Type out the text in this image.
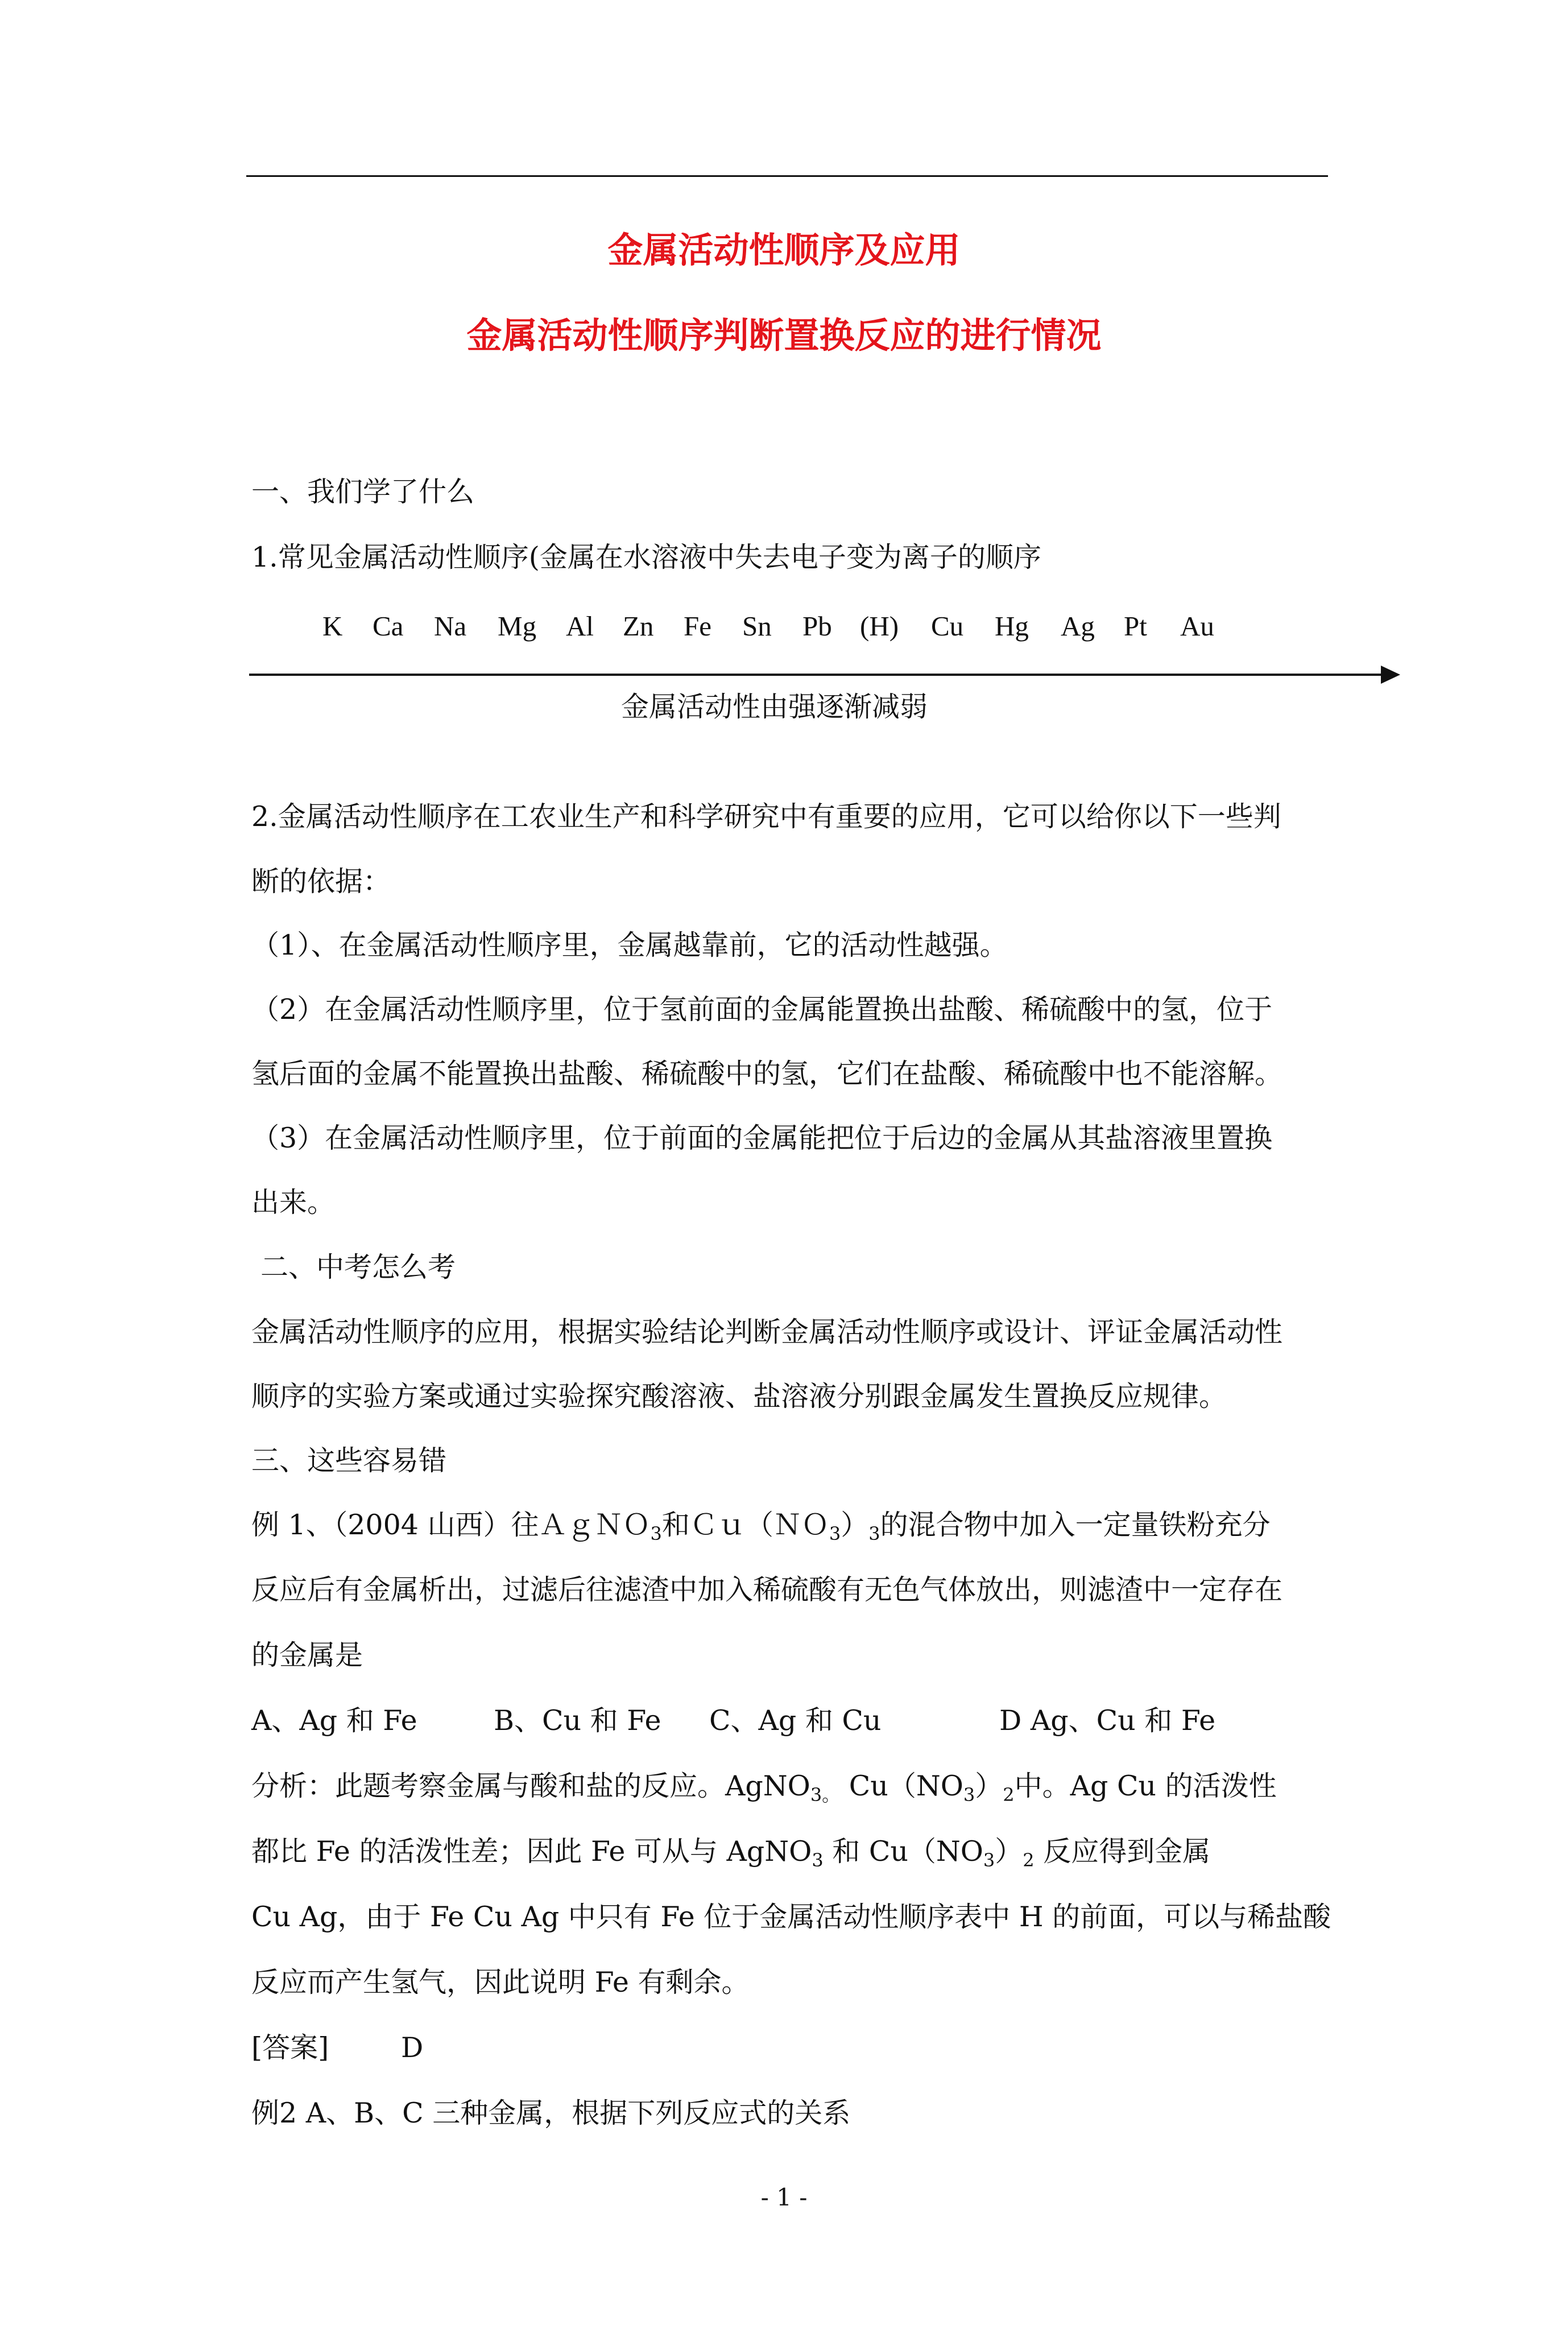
金属活动性顺序及应用
金属活动性顺序判断置换反应的进行情况
一、我们学了什么
1.常见金属活动性顺序(金属在水溶液中失去电子变为离子的顺序
K Ca Na Mg Al Zn Fe Sn Pb (H) Cu Hg Ag Pt Au
金属活动性由强逐渐减弱
2.金属活动性顺序在工农业生产和科学研究中有重要的应用，它可以给你以下一些判
断的依据：
（1）、在金属活动性顺序里，金属越靠前，它的活动性越强。
（2）在金属活动性顺序里，位于氢前面的金属能置换出盐酸、稀硫酸中的氢，位于
氢后面的金属不能置换出盐酸、稀硫酸中的氢，它们在盐酸、稀硫酸中也不能溶解。
（3）在金属活动性顺序里，位于前面的金属能把位于后边的金属从其盐溶液里置换
出来。
二、中考怎么考
金属活动性顺序的应用，根据实验结论判断金属活动性顺序或设计、评证金属活动性
顺序的实验方案或通过实验探究酸溶液、盐溶液分别跟金属发生置换反应规律。
三、这些容易错
例 1、（2004 山西）往ＡｇＮＯ$_3$和$Cu(NO_3)_3$的混合物中加入一定量铁粉充分
反应后有金属析出，过滤后往滤渣中加入稀硫酸有无色气体放出，则滤渣中一定存在
的金属是
A、Ag 和 Fe	B、Cu 和 Fe C、Ag 和 Cu	D Ag、Cu 和 Fe
分析：此题考察金属与酸和盐的反应。AgNO$_{3。}$ $Cu(NO_3)_2$中。Ag Cu 的活泼性
都比 Fe 的活泼性差；因此 Fe 可从与 AgNO$_3$ 和 $Cu(NO_3)_2$ 反应得到金属
Cu Ag，由于 Fe Cu Ag 中只有 Fe 位于金属活动性顺序表中 H 的前面，可以与稀盐酸
反应而产生氢气，因此说明 Fe 有剩余。
[答案]	D
例2 A、B、C 三种金属，根据下列反应式的关系
- 1 -
